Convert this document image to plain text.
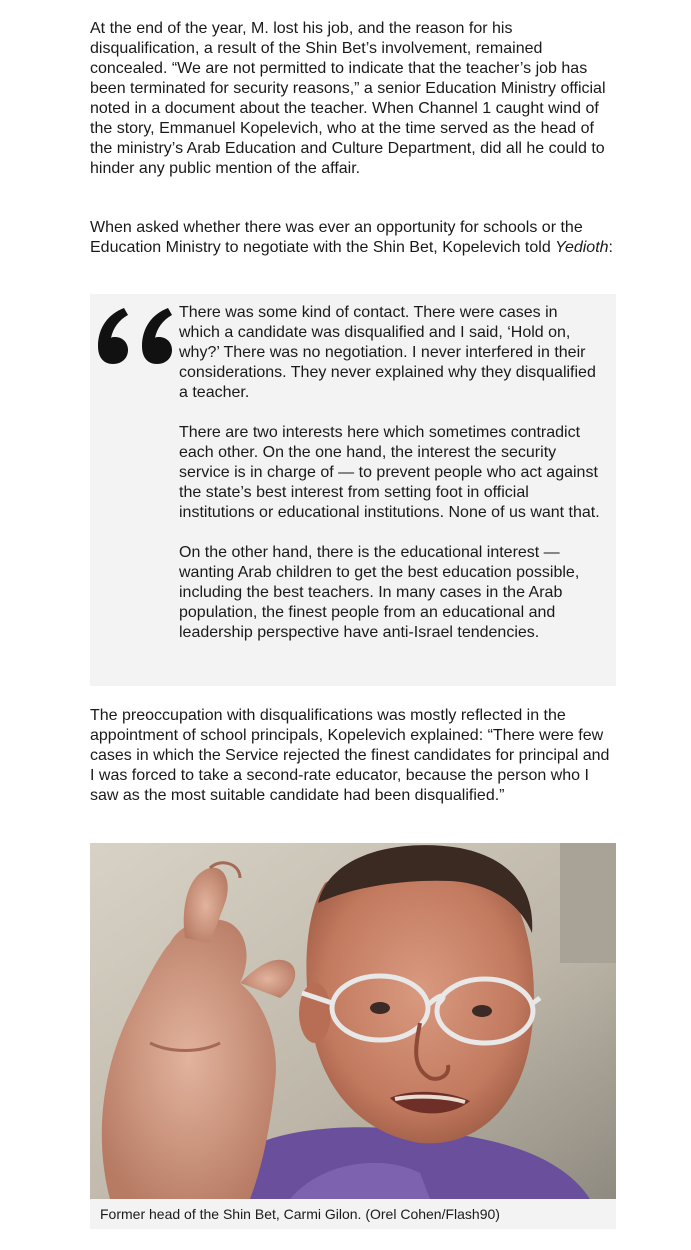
At the end of the year, M. lost his job, and the reason for his disqualification, a result of the Shin Bet’s involvement, remained concealed. “We are not permitted to indicate that the teacher’s job has been terminated for security reasons,” a senior Education Ministry official noted in a document about the teacher. When Channel 1 caught wind of the story, Emmanuel Kopelevich, who at the time served as the head of the ministry’s Arab Education and Culture Department, did all he could to hinder any public mention of the affair.

When asked whether there was ever an opportunity for schools or the Education Ministry to negotiate with the Shin Bet, Kopelevich told Yedioth:

There was some kind of contact. There were cases in which a candidate was disqualified and I said, ‘Hold on, why?’ There was no negotiation. I never interfered in their considerations. They never explained why they disqualified a teacher.

There are two interests here which sometimes contradict each other. On the one hand, the interest the security service is in charge of — to prevent people who act against the state’s best interest from setting foot in official institutions or educational institutions. None of us want that.

On the other hand, there is the educational interest — wanting Arab children to get the best education possible, including the best teachers. In many cases in the Arab population, the finest people from an educational and leadership perspective have anti-Israel tendencies.

The preoccupation with disqualifications was mostly reflected in the appointment of school principals, Kopelevich explained: “There were few cases in which the Service rejected the finest candidates for principal and I was forced to take a second-rate educator, because the person who I saw as the most suitable candidate had been disqualified.”

Former head of the Shin Bet, Carmi Gilon. (Orel Cohen/Flash90)
